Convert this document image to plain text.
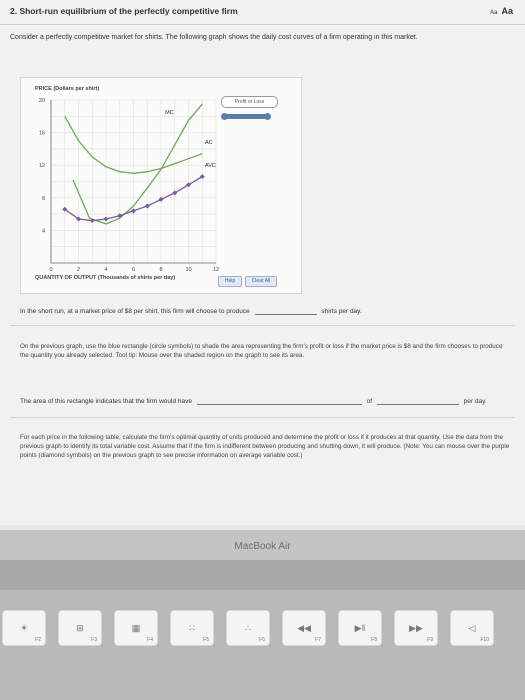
2. Short-run equilibrium of the perfectly competitive firm	Aa Aa
Consider a perfectly competitive market for shirts. The following graph shows the daily cost curves of a firm operating in this market.
PRICE (Dollars per shirt)
20
16
12
8
4
0	2	4	6	8	10	12
MC
AC
AVC
Profit or Loss
QUANTITY OF OUTPUT (Thousands of shirts per day)	Help	Clear All
In the short run, at a market price of $8 per shirt, this firm will choose to produce	shirts per day.
On the previous graph, use the blue rectangle (circle symbols) to shade the area representing the firm's profit or loss if the market price is $8 and the firm chooses to produce the quantity you already selected. Tool tip: Mouse over the shaded region on the graph to see its area.
The area of this rectangle indicates that the firm would have	of	per day.
For each price in the following table, calculate the firm's optimal quantity of units produced and determine the profit or loss if it produces at that quantity. Use the data from the previous graph to identify its total variable cost. Assume that if the firm is indifferent between producing and shutting down, it will produce. (Note: You can mouse over the purple points (diamond symbols) on the previous graph to see precise information on average variable cost.)
MacBook Air
☀
F2
⊞
F3
▦
F4
∷
F5
∴
F6
◀◀
F7
▶‖
F8
▶▶
F9
◁
F10
